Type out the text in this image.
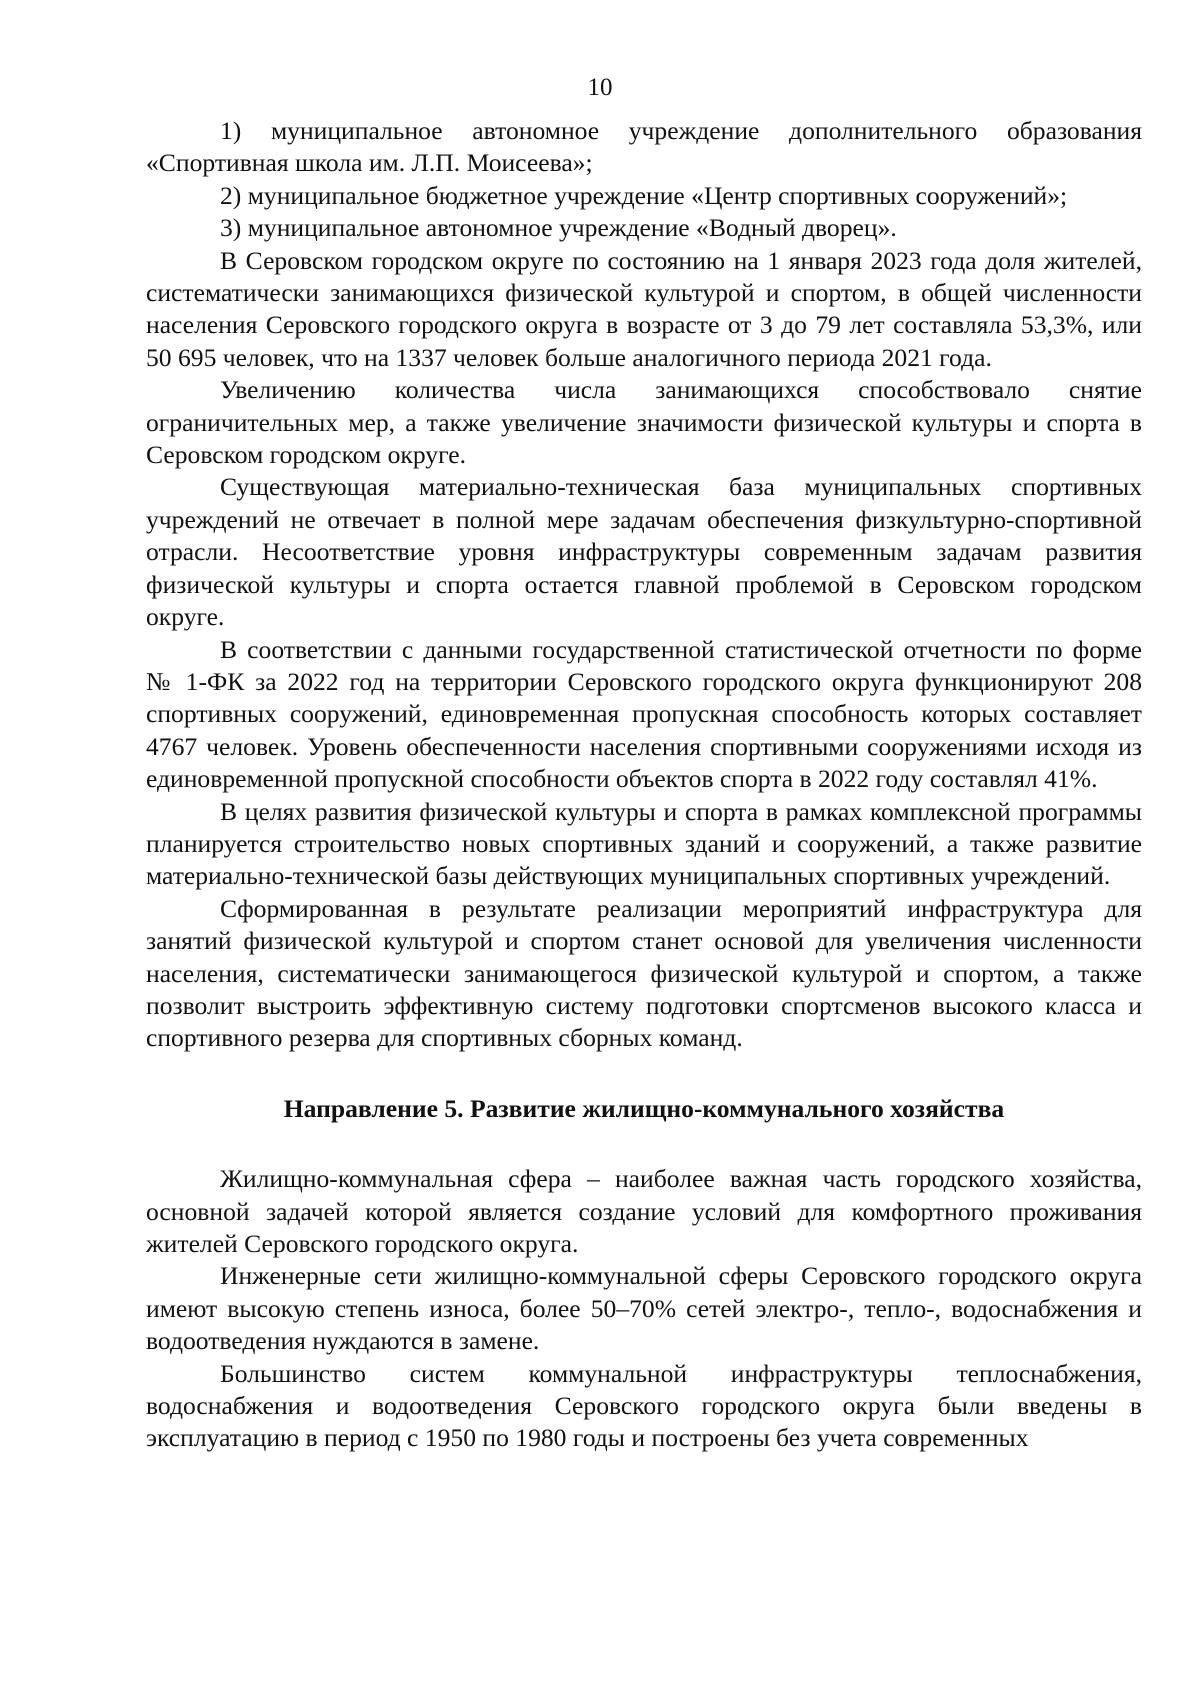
10

1) муниципальное автономное учреждение дополнительного образования «Спортивная школа им. Л.П. Моисеева»;

2) муниципальное бюджетное учреждение «Центр спортивных сооружений»;

3) муниципальное автономное учреждение «Водный дворец».

В Серовском городском округе по состоянию на 1 января 2023 года доля жителей, систематически занимающихся физической культурой и спортом, в общей численности населения Серовского городского округа в возрасте от 3 до 79 лет составляла 53,3%, или 50 695 человек, что на 1337 человек больше аналогичного периода 2021 года.

Увеличению количества числа занимающихся способствовало снятие ограничительных мер, а также увеличение значимости физической культуры и спорта в Серовском городском округе.

Существующая материально-техническая база муниципальных спортивных учреждений не отвечает в полной мере задачам обеспечения физкультурно-спортивной отрасли. Несоответствие уровня инфраструктуры современным задачам развития физической культуры и спорта остается главной проблемой в Серовском городском округе.

В соответствии с данными государственной статистической отчетности по форме № 1-ФК за 2022 год на территории Серовского городского округа функционируют 208 спортивных сооружений, единовременная пропускная способность которых составляет 4767 человек. Уровень обеспеченности населения спортивными сооружениями исходя из единовременной пропускной способности объектов спорта в 2022 году составлял 41%.

В целях развития физической культуры и спорта в рамках комплексной программы планируется строительство новых спортивных зданий и сооружений, а также развитие материально-технической базы действующих муниципальных спортивных учреждений.

Сформированная в результате реализации мероприятий инфраструктура для занятий физической культурой и спортом станет основой для увеличения численности населения, систематически занимающегося физической культурой и спортом, а также позволит выстроить эффективную систему подготовки спортсменов высокого класса и спортивного резерва для спортивных сборных команд.

Направление 5. Развитие жилищно-коммунального хозяйства

Жилищно-коммунальная сфера – наиболее важная часть городского хозяйства, основной задачей которой является создание условий для комфортного проживания жителей Серовского городского округа.

Инженерные сети жилищно-коммунальной сферы Серовского городского округа имеют высокую степень износа, более 50–70% сетей электро-, тепло-, водоснабжения и водоотведения нуждаются в замене.

Большинство систем коммунальной инфраструктуры теплоснабжения, водоснабжения и водоотведения Серовского городского округа были введены в эксплуатацию в период с 1950 по 1980 годы и построены без учета современных
